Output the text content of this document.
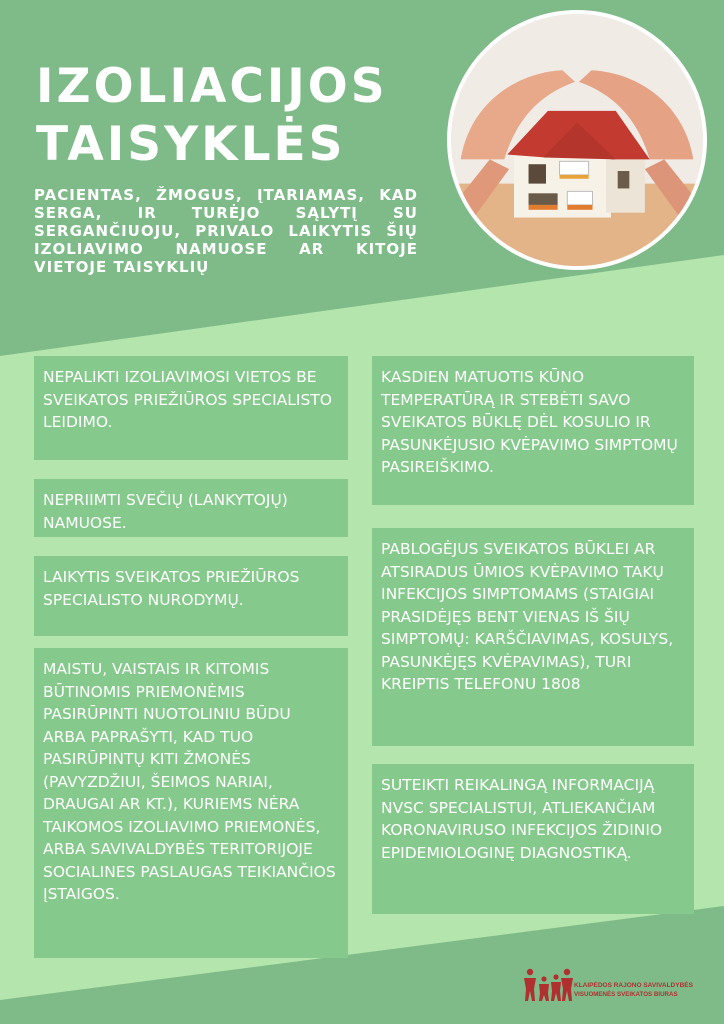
IZOLIACIJOS
TAISYKLĖS

PACIENTAS, ŽMOGUS, ĮTARIAMAS, KAD SERGA, IR TURĖJO SĄLYTĮ SU SERGANČIUOJU, PRIVALO LAIKYTIS ŠIŲ IZOLIAVIMO NAMUOSE AR KITOJE VIETOJE TAISYKLIŲ

NEPALIKTI IZOLIAVIMOSI VIETOS BE SVEIKATOS PRIEŽIŪROS SPECIALISTO LEIDIMO.
NEPRIIMTI SVEČIŲ (LANKYTOJŲ) NAMUOSE.
LAIKYTIS SVEIKATOS PRIEŽIŪROS SPECIALISTO NURODYMŲ.
MAISTU, VAISTAIS IR KITOMIS BŪTINOMIS PRIEMONĖMIS PASIRŪPINTI NUOTOLINIU BŪDU ARBA PAPRAŠYTI, KAD TUO PASIRŪPINTŲ KITI ŽMONĖS (PAVYZDŽIUI, ŠEIMOS NARIAI, DRAUGAI AR KT.), KURIEMS NĖRA TAIKOMOS IZOLIAVIMO PRIEMONĖS, ARBA SAVIVALDYBĖS TERITORIJOJE SOCIALINES PASLAUGAS TEIKIANČIOS ĮSTAIGOS.
KASDIEN MATUOTIS KŪNO TEMPERATŪRĄ IR STEBĖTI SAVO SVEIKATOS BŪKLĘ DĖL KOSULIO IR PASUNKĖJUSIO KVĖPAVIMO SIMPTOMŲ PASIREIŠKIMO.
PABLOGĖJUS SVEIKATOS BŪKLEI AR ATSIRADUS ŪMIOS KVĖPAVIMO TAKŲ INFEKCIJOS SIMPTOMAMS (STAIGIAI PRASIDĖJĘS BENT VIENAS IŠ ŠIŲ SIMPTOMŲ: KARŠČIAVIMAS, KOSULYS, PASUNKĖJĘS KVĖPAVIMAS), TURI KREIPTIS TELEFONU 1808
SUTEIKTI REIKALINGĄ INFORMACIJĄ NVSC SPECIALISTUI, ATLIEKANČIAM KORONAVIRUSO INFEKCIJOS ŽIDINIO EPIDEMIOLOGINĘ DIAGNOSTIKĄ.
KLAIPĖDOS RAJONO SAVIVALDYBĖS
VISUOMENĖS SVEIKATOS BIURAS
